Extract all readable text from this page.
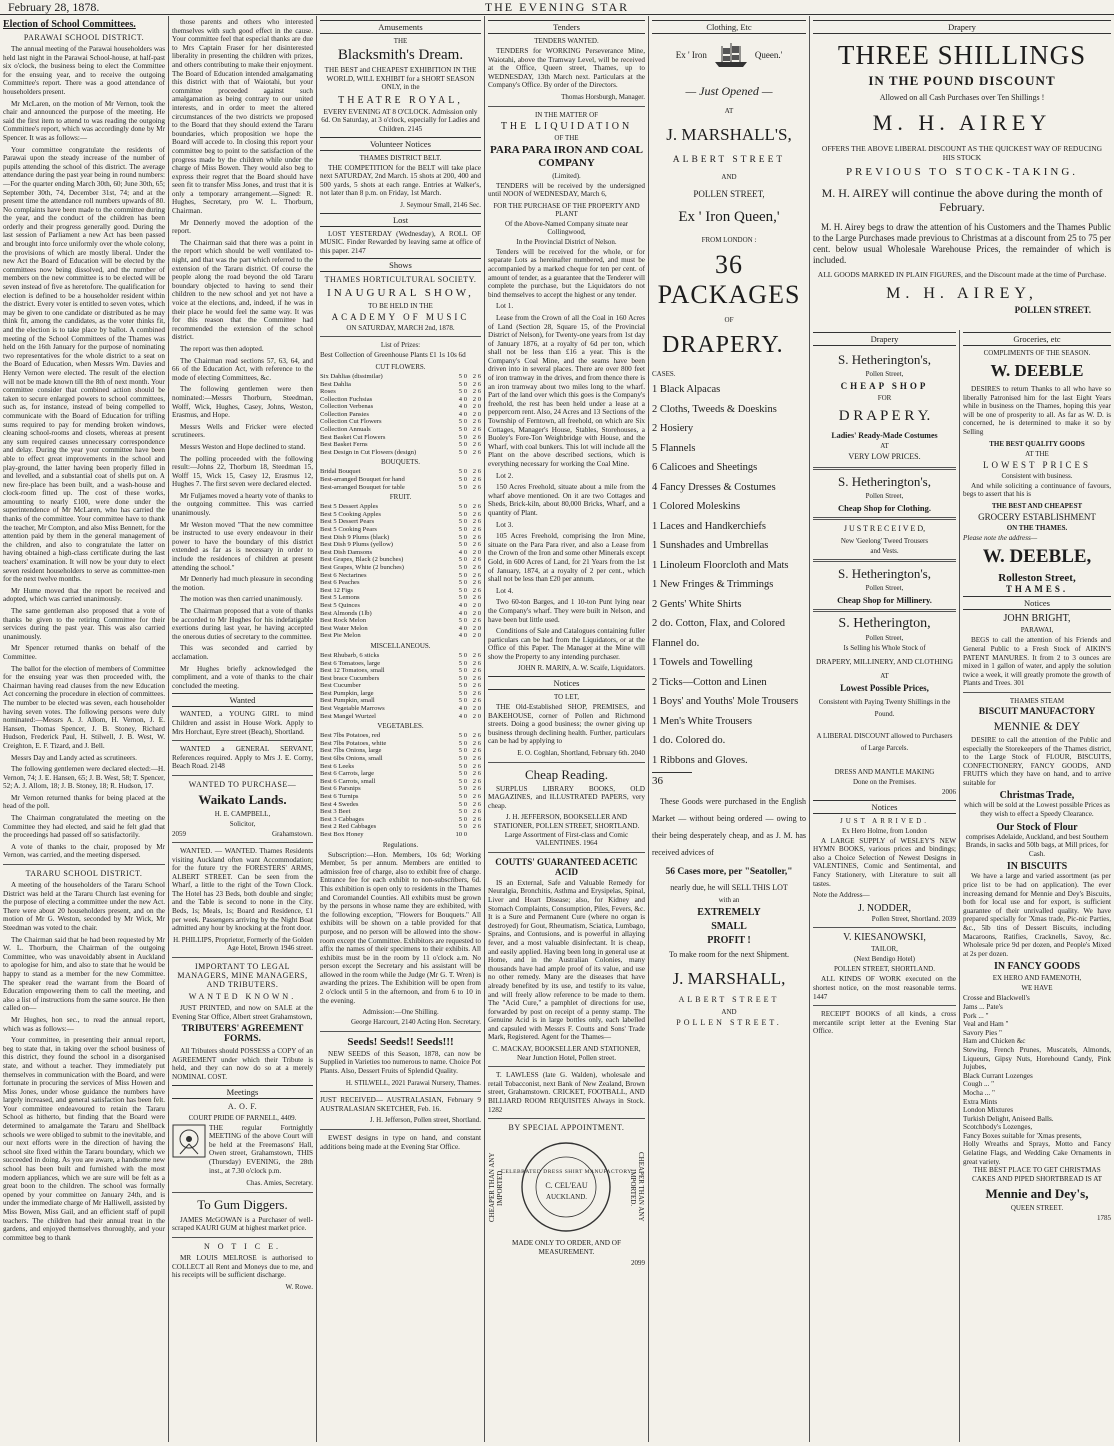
February 28, 1878.	THE EVENING STAR
Election of School Committees.
PARAWAI SCHOOL DISTRICT.

The annual meeting of the Parawai householders was held last night in the Parawai School-house, at half-past six o'clock, the business being to elect the Committee for the ensuing year, and to receive the outgoing Committee's report. There was a good attendance of householders present.

Mr McLaren, on the motion of Mr Vernon, took the chair and announced the purpose of the meeting. He said the first item to attend to was reading the outgoing Committee's report, which was accordingly done by Mr Spencer. It was as follows:—

Your committee congratulate the residents of Parawai upon the steady increase of the number of pupils attending the school of this district. The average attendance during the past year being in round numbers:—For the quarter ending March 30th, 60; June 30th, 65; September 30th, 74, December 31st, 74; and at the present time the attendance roll numbers upwards of 80. No complaints have been made to the committee during the year, and the conduct of the children has been orderly and their progress generally good. During the last session of Parliament a new Act has been passed and brought into force uniformly over the whole colony, the provisions of which are mostly liberal. Under the new Act the Board of Education will be elected by the committees now being dissolved, and the number of members on the new committee is to be elected will be seven instead of five as heretofore. The qualification for election is defined to be a householder resident within the district. Every voter is entitled to seven votes, which may be given to one candidate or distributed as he may think fit, among the candidates, as the voter thinks fit, and the election is to take place by ballot. A combined meeting of the School Committees of the Thames was held on the 16th January for the purpose of nominating two representatives for the whole district to a seat on the Board of Education, when Messrs Wm. Davies and Henry Vernon were elected. The result of the election will not be made known till the 8th of next month. Your committee consider that combined action should be taken to secure enlarged powers to school committees, such as, for instance, instead of being compelled to communicate with the Board of Education for trifling sums required to pay for mending broken windows, cleaning school-rooms and closets, whereas at present any sum required causes unnecessary correspondence and delay. During the year your committee have been able to effect great improvements in the school and play-ground, the latter having been properly filled in and levelled, and a substantial coat of shells put on. A new fire-place has been built, and a wash-house and clock-room fitted up. The cost of these works, amounting to nearly £100, were done under the superintendence of Mr McLaren, who has carried the thanks of the committee. Your committee have to thank the teacher, Mr Compton, and also Miss Bennett, for the attention paid by them in the general management of the children, and also to congratulate the latter on having obtained a high-class certificate during the last teachers' examination. It will now be your duty to elect seven resident householders to serve as committee-men for the next twelve months.

Mr Hume moved that the report be received and adopted, which was carried unanimously.

The same gentleman also proposed that a vote of thanks be given to the retiring Committee for their services during the past year. This was also carried unanimously.

Mr Spencer returned thanks on behalf of the Committee.

The ballot for the election of members of Committee for the ensuing year was then proceeded with, the Chairman having read clauses from the new Education Act concerning the procedure in election of committees. The number to be elected was seven, each householder having seven votes. The following persons were duly nominated:—Messrs A. J. Allom, H. Vernon, J. E. Hansen, Thomas Spencer, J. B. Stoney, Richard Hudson, Frederick Paul, H. Stilwell, J. B. West, W. Creighton, E. F. Tizard, and J. Bell.

Messrs Day and Landy acted as scrutineers.

The following gentlemen were declared elected:—H. Vernon, 74; J. E. Hansen, 65; J. B. West, 58; T. Spencer, 52; A. J. Allom, 18; J. B. Stoney, 18; R. Hudson, 17.

Mr Vernon returned thanks for being placed at the head of the poll.

The Chairman congratulated the meeting on the Committee they had elected, and said he felt glad that the proceedings had passed off so satisfactorily.

A vote of thanks to the chair, proposed by Mr Vernon, was carried, and the meeting dispersed.

TARARU SCHOOL DISTRICT.

A meeting of the householders of the Tararu School District was held at the Tararu Church last evening for the purpose of electing a committee under the new Act. There were about 20 householders present, and on the motion of Mr G. Weston, seconded by Mr Wick, Mr Steedman was voted to the chair.

The Chairman said that he had been requested by Mr W. L. Thorburn, the Chairman of the outgoing Committee, who was unavoidably absent in Auckland to apologise for him, and also to state that he would be happy to stand as a member for the new Committee. The speaker read the warrant from the Board of Education empowering them to call the meeting, and also a list of instructions from the same source. He then called on—

Mr Hughes, hon sec., to read the annual report, which was as follows:—

Your committee, in presenting their annual report, beg to state that, in taking over the school business of this district, they found the school in a disorganised state, and without a teacher. They immediately put themselves in communication with the Board, and were fortunate in procuring the services of Miss Howen and Miss Jones, under whose guidance the numbers have largely increased, and general satisfaction has been felt. Your committee endeavoured to retain the Tararu School as hitherto, but finding that the Board were determined to amalgamate the Tararu and Shellback schools we were obliged to submit to the inevitable, and our next efforts were in the direction of having the school site fixed within the Tararu boundary, which we succeeded in doing. As you are aware, a handsome new school has been built and furnished with the most modern appliances, which we are sure will be felt as a great boon to the children. The school was formally opened by your committee on January 24th, and is under the immediate charge of Mr Halliwell, assisted by Miss Bowen, Miss Gail, and an efficient staff of pupil teachers. The children had their annual treat in the gardens, and enjoyed themselves thoroughly, and your committee beg to thank

those parents and others who interested themselves with such good effect in the cause. Your committee feel that especial thanks are due to Mrs Captain Fraser for her disinterested liberality in presenting the children with prizes, and others contributing to make their enjoyment. The Board of Education intended amalgamating this district with that of Waiotahi, but your committee proceeded against such amalgamation as being contrary to our united interests, and in order to meet the altered circumstances of the two districts we proposed to the Board that they should extend the Tararu boundaries, which proposition we hope the Board will accede to. In closing this report your committee beg to point to the satisfaction of the progress made by the children while under the charge of Miss Bowen. They would also beg to express their regret that the Board should have seen fit to transfer Miss Jones, and trust that it is only a temporary arrangement.—Signed: R. Hughes, Secretary, pro W. L. Thorburn, Chairman.

Mr Dennerly moved the adoption of the report.

The Chairman said that there was a point in the report which should be well ventilated to-night, and that was the part which referred to the extension of the Tararu district. Of course the people along the road beyond the old Tararu boundary objected to having to send their children to the new school and yet not have a voice at the elections, and, indeed, if he was in their place he would feel the same way. It was for this reason that the Committee had recommended the extension of the school district.

The report was then adopted.

The Chairman read sections 57, 63, 64, and 66 of the Education Act, with reference to the mode of electing Committees, &c.

The following gentlemen were then nominated:—Messrs Thorburn, Steedman, Wolff, Wick, Hughes, Casey, Johns, Weston, Erasmus, and Hope.

Messrs Wells and Fricker were elected scrutineers.

Messrs Weston and Hope declined to stand.

The polling proceeded with the following result:—Johns 22, Thorburn 18, Steedman 15, Wolff 15, Wick 15, Casey 12, Erasmus 12, Hughes 7. The first seven were declared elected.

Mr Fuljames moved a hearty vote of thanks to the outgoing committee. This was carried unanimously.

Mr Weston moved "That the new committee be instructed to use every endeavour in their power to have the boundary of this district extended as far as is necessary in order to include the residences of children at present attending the school."

Mr Dennerly had much pleasure in seconding the motion.

The motion was then carried unanimously.

The Chairman proposed that a vote of thanks be accorded to Mr Hughes for his indefatigable exertions during last year, he having accepted the onerous duties of secretary to the committee.

This was seconded and carried by acclamation.

Mr Hughes briefly acknowledged the compliment, and a vote of thanks to the chair concluded the meeting.

Wanted

WANTED, a YOUNG GIRL to mind Children and assist in House Work. Apply to Mrs Horchaut, Eyre street (Beach), Shortland.

WANTED a GENERAL SERVANT, References required. Apply to Mrs J. E. Corny, Beach Road. 2148

WANTED TO PURCHASE—
Waikato Lands.
H. E. CAMPBELL,
Solicitor,
2059	Grahamstown.

WANTED. — WANTED. Thames Residents visiting Auckland often want Accommodation; for the future try the FORESTERS' ARMS, ALBERT STREET. Can be seen from the Wharf, a little to the right of the Town Clock. The Hotel has 23 Beds, both double and single; and the Table is second to none in the City. Beds, 1s; Meals, 1s; Board and Residence, £1 per week. Passengers arriving by the Night Boat admitted any hour by knocking at the front door.

H. PHILLIPS, Proprietor, Formerly of the Golden Age Hotel, Brown 1946 street.

IMPORTANT TO LEGAL MANAGERS, MINE MANAGERS, AND TRIBUTERS.
WANTED KNOWN.

JUST PRINTED, and now on SALE at the Evening Star Office, Albert street Grahamstown,

TRIBUTERS' AGREEMENT FORMS.

All Tributers should POSSESS a COPY of an AGREEMENT under which their Tribute is held, and they can now do so at a merely NOMINAL COST.

Meetings
A. O. F.
COURT PRIDE OF PARNELL, 4409.

THE regular Fortnightly MEETING of the above Court will be held at the Freemasons' Hall, Owen street, Grahamstown, THIS (Thursday) EVENING, the 28th inst., at 7.30 o'clock p.m.

Chas. Amies, Secretary.

To Gum Diggers.

JAMES McGOWAN is a Purchaser of well-scraped KAURI GUM at highest market price.

N O T I C E.

MR LOUIS MELROSE is authorised to COLLECT all Rent and Moneys due to me, and his receipts will be sufficient discharge.

W. Rowe.

Amusements
THE
Blacksmith's Dream.

THE BEST and CHEAPEST EXHIBITION IN THE WORLD, WILL EXHIBIT for a SHORT SEASON ONLY, in the

THEATRE ROYAL,

EVERY EVENING AT 8 O'CLOCK. Admission only 6d. On Saturday, at 3 o'clock, especially for Ladies and Children. 2145

Volunteer Notices
THAMES DISTRICT BELT.

THE COMPETITION for the BELT will take place next SATURDAY, 2nd March. 15 shots at 200, 400 and 500 yards, 5 shots at each range. Entries at Walker's, not later than 8 p.m. on Friday, 1st March.

J. Seymour Small, 2146 Sec.

Lost

LOST YESTERDAY (Wednesday), A ROLL OF MUSIC. Finder Rewarded by leaving same at office of this paper. 2147

Shows
THAMES HORTICULTURAL SOCIETY.
INAUGURAL SHOW,
TO BE HELD IN THE
ACADEMY OF MUSIC
ON SATURDAY, MARCH 2nd, 1878.
List of Prizes:

Best Collection of Greenhouse Plants £1 1s 10s 6d

CUT FLOWERS.
Six Dahlias (dissimilar)	5 0	2 6
Best Dahlia	5 0	2 6
Roses	5 0	2 6
Collection Fuchsias	4 0	2 0
Collection Verbenas	4 0	2 0
Collection Pansies	4 0	2 0
Collection Cut Flowers	5 0	2 6
Collection Annuals	5 0	2 6
Best Basket Cut Flowers	5 0	2 6
Best Basket Ferns	5 0	2 6
Best Design in Cut Flowers (design)	5 0	2 6
BOUQUETS.
Bridal Bouquet	5 0	2 6
Best-arranged Bouquet for hand	5 0	2 6
Best-arranged Bouquet for table	5 0	2 6
FRUIT.
Best 5 Dessert Apples	5 0	2 6
Best 5 Cooking Apples	5 0	2 6
Best 5 Dessert Pears	5 0	2 6
Best 5 Cooking Pears	5 0	2 6
Best Dish 9 Plums (black)	5 0	2 6
Best Dish 9 Plums (yellow)	5 0	2 6
Best Dish Damsons	4 0	2 0
Best Grapes, Black (2 bunches)	5 0	2 6
Best Grapes, White (2 bunches)	5 0	2 6
Best 6 Nectarines	5 0	2 6
Best 6 Peaches	5 0	2 6
Best 12 Figs	5 0	2 6
Best 5 Lemons	5 0	2 6
Best 5 Quinces	4 0	2 0
Best Almonds (1lb)	4 0	2 0
Best Rock Melon	5 0	2 6
Best Water Melon	4 0	2 0
Best Pie Melon	4 0	2 0
MISCELLANEOUS.
Best Rhubarb, 6 sticks	5 0	2 6
Best 6 Tomatoes, large	5 0	2 6
Best 12 Tomatoes, small	5 0	2 6
Best brace Cucumbers	5 0	2 6
Best Cucumber	5 0	2 6
Best Pumpkin, large	5 0	2 6
Best Pumpkin, small	5 0	2 6
Best Vegetable Marrows	4 0	2 0
Best Mangel Wurtzel	4 0	2 0
VEGETABLES.
Best 7lbs Potatoes, red	5 0	2 6
Best 7lbs Potatoes, white	5 0	2 6
Best 7lbs Onions, large	5 0	2 6
Best 6lbs Onions, small	5 0	2 6
Best 6 Leeks	5 0	2 6
Best 6 Carrots, large	5 0	2 6
Best 6 Carrots, small	5 0	2 6
Best 6 Parsnips	5 0	2 6
Best 6 Turnips	5 0	2 6
Best 4 Swedes	5 0	2 6
Best 3 Beet	5 0	2 6
Best 3 Cabbages	5 0	2 6
Best 2 Red Cabbages	5 0	2 6
Best Box Honey	10 0	
Regulations.

Subscription:—Hon. Members, 10s 6d; Working Member, 5s per annum. Members are entitled to admission free of charge, also to exhibit free of charge. Entrance fee for each exhibit to non-subscribers, 6d. This exhibition is open only to residents in the Thames and Coromandel Counties. All exhibits must be grown by the persons in whose name they are exhibited, with the following exception, "Flowers for Bouquets." All exhibits will be shown on a table provided for that purpose, and no person will be allowed into the show-room except the Committee. Exhibitors are requested to affix the names of their specimens to their exhibits. All exhibits must be in the room by 11 o'clock a.m. No person except the Secretary and his assistant will be allowed in the room while the Judge (Mr G. T. Wren) is awarding the prizes. The Exhibition will be open from 2 o'clock until 5 in the afternoon, and from 6 to 10 in the evening.

Admission:—One Shilling.

George Harcourt, 2140 Acting Hon. Secretary.

Seeds! Seeds!! Seeds!!!

NEW SEEDS of this Season, 1878, can now be Supplied in Varieties too numerous to name. Choice Pot Plants. Also, Dessert Fruits of Splendid Quality.

H. STILWELL, 2021 Parawai Nursery, Thames.

JUST RECEIVED— AUSTRALASIAN, February 9 AUSTRALASIAN SKETCHER, Feb. 16.

J. H. Jefferson, Pollen street, Shortland.

EWEST designs in type on hand, and constant additions being made at the Evening Star Office.

Tenders
TENDERS WANTED.

TENDERS for WORKING Perseverance Mine, Waiotahi, above the Tramway Level, will be received at the Office, Queen street, Thames, up to WEDNESDAY, 13th March next. Particulars at the Company's Office. By order of the Directors.

Thomas Horsburgh, Manager.

IN THE MATTER OF
THE LIQUIDATION
OF THE
PARA PARA IRON AND COAL COMPANY
(Limited).

TENDERS will be received by the undersigned until NOON of WEDNESDAY, March 6,

FOR THE PURCHASE OF THE PROPERTY AND PLANT
Of the Above-Named Company situate near Collingwood,
In the Provincial District of Nelson.

Tenders will be received for the whole, or for separate Lots as hereinafter numbered, and must be accompanied by a marked cheque for ten per cent. of amount of tender, as a guarantee that the Tenderer will complete the purchase, but the Liquidators do not bind themselves to accept the highest or any tender.

Lot 1.

Lease from the Crown of all the Coal in 160 Acres of Land (Section 28, Square 15, of the Provincial District of Nelson), for Twenty-one years from 1st day of January 1876, at a royalty of 6d per ton, which shall not be less than £16 a year. This is the Company's Coal Mine, and the seams have been driven into in several places. There are over 800 feet of iron tramway in the drives, and from thence there is an iron tramway about two miles long to the wharf. Part of the land over which this goes is the Company's freehold, the rest has been held under a lease at a peppercorn rent. Also, 24 Acres and 13 Sections of the Township of Ferntown, all freehold, on which are Six Cottages, Manager's House, Stables, Storehouses, a Buoley's Fore-Ton Weighbridge with House, and the Wharf, with coal bunkers. This lot will include all the Plant on the above described sections, which is everything necessary for working the Coal Mine.

Lot 2.

150 Acres Freehold, situate about a mile from the wharf above mentioned. On it are two Cottages and Sheds, Brick-kiln, about 80,000 Bricks, Wharf, and a quantity of Plant.

Lot 3.

105 Acres Freehold, comprising the Iron Mine, situate on the Para Para river, and also a Lease from the Crown of the Iron and some other Minerals except Gold, in 600 Acres of Land, for 21 Years from the 1st of January, 1874, at a royalty of 2 per cent., which shall not be less than £20 per annum.

Lot 4.

Two 60-ton Barges, and 1 10-ton Punt lying near the Company's wharf. They were built in Nelson, and have been but little used.

Conditions of Sale and Catalogues containing fuller particulars can be had from the Liquidators, or at the Office of this Paper. The Manager at the Mine will show the Property to any intending purchaser.

JOHN R. MARIN, A. W. Scaife, Liquidators.

Notices
TO LET,

THE Old-Established SHOP, PREMISES, and BAKEHOUSE, corner of Pollen and Richmond streets. Doing a good business; the owner giving up business through declining health. Further, particulars can be had by applying to

E. O. Coghlan, Shortland, February 6th. 2040

Cheap Reading.

SURPLUS LIBRARY BOOKS, OLD MAGAZINES, and ILLUSTRATED PAPERS, very cheap.

J. H. JEFFERSON, BOOKSELLER AND STATIONER, POLLEN STREET, SHORTLAND. Large Assortment of First-class and Comic VALENTINES. 1964

COUTTS' GUARANTEED ACETIC ACID

IS an External, Safe and Valuable Remedy for Neuralgia, Bronchitis, Asthma and Erysipelas, Spinal, Liver and Heart Disease; also, for Kidney and Stomach Complaints, Consumption, Piles, Fevers, &c. It is a Sure and Permanent Cure (where no organ is destroyed) for Gout, Rheumatism, Sciatica, Lumbago, Sprains, and Contusions, and is powerful in allaying fever, and a most valuable disinfectant. It is cheap, and easily applied. Having been long in general use at Home, and in the Australian Colonies, many thousands have had ample proof of its value, and use no other remedy. Many are the diseases that have already benefited by its use, and testify to its value, and will freely allow reference to be made to them. The "Acid Cure," a pamphlet of directions for use, forwarded by post on receipt of a penny stamp. The Genuine Acid is in large bottles only, each labelled and capsuled with Messrs F. Coutts and Sons' Trade Mark, Registered. Agent for the Thames—

C. MACKAY, BOOKSELLER AND STATIONER, Near Junction Hotel, Pollen street.

T. LAWLESS (late G. Walden), wholesale and retail Tobacconist, next Bank of New Zealand, Brown street, Grahamstown. CRICKET, FOOTBALL, AND BILLIARD ROOM REQUISITES Always in Stock. 1282

BY SPECIAL APPOINTMENT.
CHEAPER THAN ANY IMPORTED.
CELEBRATED DRESS SHIRT MANUFACTORY
C. CEL'EAU
AUCKLAND.	CHEAPER THAN ANY IMPORTED.

MADE ONLY TO ORDER, AND OF MEASUREMENT.

2099

Clothing, Etc
Ex ' Iron	Queen.'
— Just Opened —
AT
J. MARSHALL'S,
ALBERT STREET
AND
POLLEN STREET,
Ex ' Iron Queen,'
FROM LONDON :
36 PACKAGES
OF
DRAPERY.
CASES.
1 Black Alpacas
2 Cloths, Tweeds & Doeskins
2 Hosiery
5 Flannels
6 Calicoes and Sheetings
4 Fancy Dresses & Costumes
1 Colored Moleskins
1 Laces and Handkerchiefs
1 Sunshades and Umbrellas
1 Linoleum Floorcloth and Mats
1 New Fringes & Trimmings
2 Gents' White Shirts
2 do. Cotton, Flax, and Colored Flannel do.
1 Towels and Towelling
2 Ticks—Cotton and Linen
1 Boys' and Youths' Mole Trousers
1 Men's White Trousers
1 do. Colored do.
1 Ribbons and Gloves.
36

These Goods were purchased in the English Market — without being ordered — owing to their being desperately cheap, and as J. M. has received advices of

56 Cases more, per "Seatoller,"
nearly due, he will SELL THIS LOT
with an
EXTREMELY
SMALL
PROFIT !
To make room for the next Shipment.
J. MARSHALL,
ALBERT STREET
AND
POLLEN STREET.
Drapery
THREE SHILLINGS
IN THE POUND DISCOUNT
Allowed on all Cash Purchases over Ten Shillings !
M. H. AIREY
OFFERS THE ABOVE LIBERAL DISCOUNT AS THE QUICKEST WAY OF REDUCING HIS STOCK
PREVIOUS TO STOCK-TAKING.
M. H. AIREY will continue the above during the month of February.

M. H. Airey begs to draw the attention of his Customers and the Thames Public to the Large Purchases made previous to Christmas at a discount from 25 to 75 per cent. below usual Wholesale Warehouse Prices, the remainder of which is included.

ALL GOODS MARKED IN PLAIN FIGURES, and the Discount made at the time of Purchase.
M. H. AIREY,
POLLEN STREET.
Drapery
S. Hetherington's,
Pollen Street,
CHEAP SHOP
FOR
D R A P E R Y.
Ladies' Ready-Made Costumes
AT
VERY LOW PRICES.
S. Hetherington's,
Pollen Street,
Cheap Shop for Clothing.
J U S T R E C E I V E D,
New 'Geelong' Tweed Trousers
and Vests.
S. Hetherington's,
Pollen Street,
Cheap Shop for Millinery.
S. Hetherington,
Pollen Street,
Is Selling his Whole Stock of
DRAPERY, MILLINERY, AND CLOTHING
AT
Lowest Possible Prices,
Consistent with Paying Twenty Shillings in the Pound.
A LIBERAL DISCOUNT allowed to Purchasers of Large Parcels.
DRESS AND MANTLE MAKING
Done on the Premises.

2006

Notices
JUST ARRIVED.
Ex Hero Holme, from London

A LARGE SUPPLY of WESLEY'S NEW HYMN BOOKS, various prices and bindings; also a Choice Selection of Newest Designs in VALENTINES, Comic and Sentimental, and Fancy Stationery, with Literature to suit all tastes.

Note the Address—

J. NODDER,

Pollen Street, Shortland. 2039

V. KIESANOWSKI,
TAILOR,
(Next Bendigo Hotel)
POLLEN STREET, SHORTLAND.

ALL KINDS OF WORK executed on the shortest notice, on the most reasonable terms. 1447

RECEIPT BOOKS of all kinds, a cross mercantile script letter at the Evening Star Office.

Groceries, etc
COMPLIMENTS OF THE SEASON.
W. DEEBLE

DESIRES to return Thanks to all who have so liberally Patronised him for the last Eight Years while in business on the Thames, hoping this year will be one of prosperity to all. As far as W. D. is concerned, he is determined to make it so by Selling

THE BEST QUALITY GOODS
AT THE
LOWEST PRICES
Consistent with business.

And while soliciting a continuance of favours, begs to assert that his is

THE BEST AND CHEAPEST
GROCERY ESTABLISHMENT
ON THE THAMES.

Please note the address—

W. DEEBLE,
Rolleston Street,
THAMES.
Notices
JOHN BRIGHT,
PARAWAI,

BEGS to call the attention of his Friends and General Public to a Fresh Stock of AIKIN'S PATENT MANURES. It from 2 to 3 ounces are mixed in 1 gallon of water, and apply the solution twice a week, it will greatly promote the growth of Plants and Trees. 301

THAMES STEAM
BISCUIT MANUFACTORY
MENNIE & DEY

DESIRE to call the attention of the Public and especially the Storekeepers of the Thames district, to the Large Stock of FLOUR, BISCUITS, CONFECTIONERY, FANCY GOODS, AND FRUITS which they have on hand, and to arrive suitable for

Christmas Trade,

which will be sold at the Lowest possible Prices as they wish to effect a Speedy Clearance.

Our Stock of Flour

comprises Adelaide, Auckland, and best Southern Brands, in sacks and 50lb bags, at Mill prices, for Cash.

IN BISCUITS

We have a large and varied assortment (as per price list to be had on application). The ever increasing demand for Mennie and Dey's Biscuits, both for local use and for export, is sufficient guarantee of their unrivalled quality. We have prepared specially for 'Xmas trade, Pic-nic Parties, &c., 5lb tins of Dessert Biscuits, including Macaroons, Ratifies, Cracknells, Savoy, &c. Wholesale price 9d per dozen, and People's Mixed at 2s per dozen.

IN FANCY GOODS
EX HERO AND FAMENOTH,
WE HAVE

Crosse and Blackwell's

Jams ... Pate's

Pork ... "

Veal and Ham "

Savory Pies "

Ham and Chicken &c

Stewing, French Prunes, Muscatels, Almonds, Liqueurs, Gipsy Nuts, Horehound Candy, Pink Jujubes,

Black Currant Lozenges

Cough ... "

Mocha ... "

Extra Mints

London Mixtures

Turkish Delight, Aniseed Balls.

Scotchbody's Lozenges,

Fancy Boxes suitable for 'Xmas presents,

Holly Wreaths and Sprays, Motto and Fancy Gelatine Flags, and Wedding Cake Ornaments in great variety.

THE BEST PLACE TO GET CHRISTMAS CAKES AND PIPED SHORTBREAD IS AT

Mennie and Dey's,
QUEEN STREET.

1785
